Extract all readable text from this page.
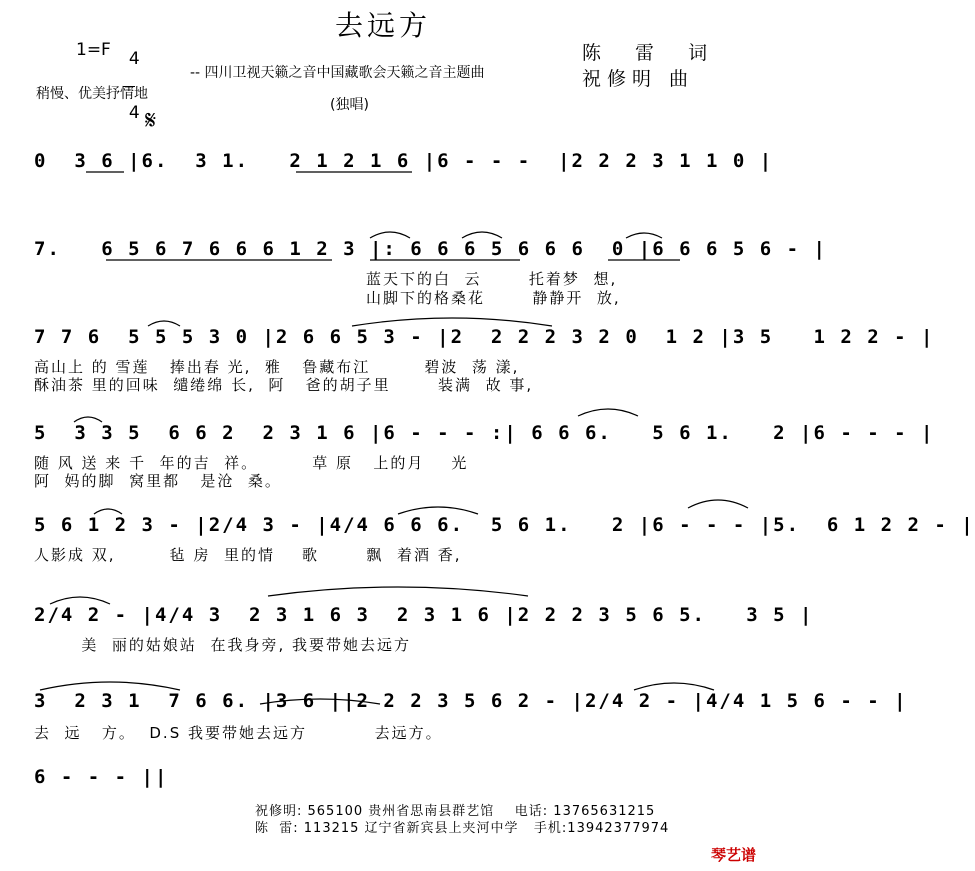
去远方
1=F	4

4

-- 四川卫视天籁之音中国藏歌会天籁之音主题曲
陈 雷 词
祝修明 曲
稍慢、优美抒情地
(独唱)
𝄋
0  3 6 |6.  3 1.   2 1 2 1 6 |6 - - -  |2 2 2 3 1 1 0 |
7.   6 5 6 7 6 6 6 1 2 3 |: 6 6 6 5 6 6 6  0 |6 6 6 5 6 - |
蓝天下的白  云       托着梦  想,
山脚下的格桑花       静静开  放,
7 7 6  5 5 5 3 0 |2 6 6 5 3 - |2  2 2 2 3 2 0  1 2 |3 5   1 2 2 - |
高山上 的 雪莲   捧出春 光,  雅   鲁藏布江        碧波  荡 漾,
酥油茶 里的回味  缱绻绵 长,  阿   爸的胡子里       装满  故 事,
5  3 3 5  6 6 2  2 3 1 6 |6 - - - :| 6 6 6.   5 6 1.   2 |6 - - - |
随 风 送 来 千  年的吉  祥。        草 原   上的月    光
阿  妈的脚  窝里都   是沧  桑。
5 6 1 2 3 - |2/4 3 - |4/4 6 6 6.  5 6 1.   2 |6 - - - |5.  6 1 2 2 - |
人影成 双,        毡 房  里的情    歌       飘  着酒 香,
2/4 2 - |4/4 3  2 3 1 6 3  2 3 1 6 |2 2 2 3 5 6 5.   3 5 |
美  丽的姑娘站  在我身旁, 我要带她去远方
3  2 3 1  7 6 6. |3 6 ||2 2 2 3 5 6 2 - |2/4 2 - |4/4 1 5 6 - - |
去  远   方。  D.S 我要带她去远方          去远方。
6 - - - ||
祝修明: 565100 贵州省思南县群艺馆    电话: 13765631215
陈  雷: 113215 辽宁省新宾县上夹河中学   手机:13942377974
琴艺谱
